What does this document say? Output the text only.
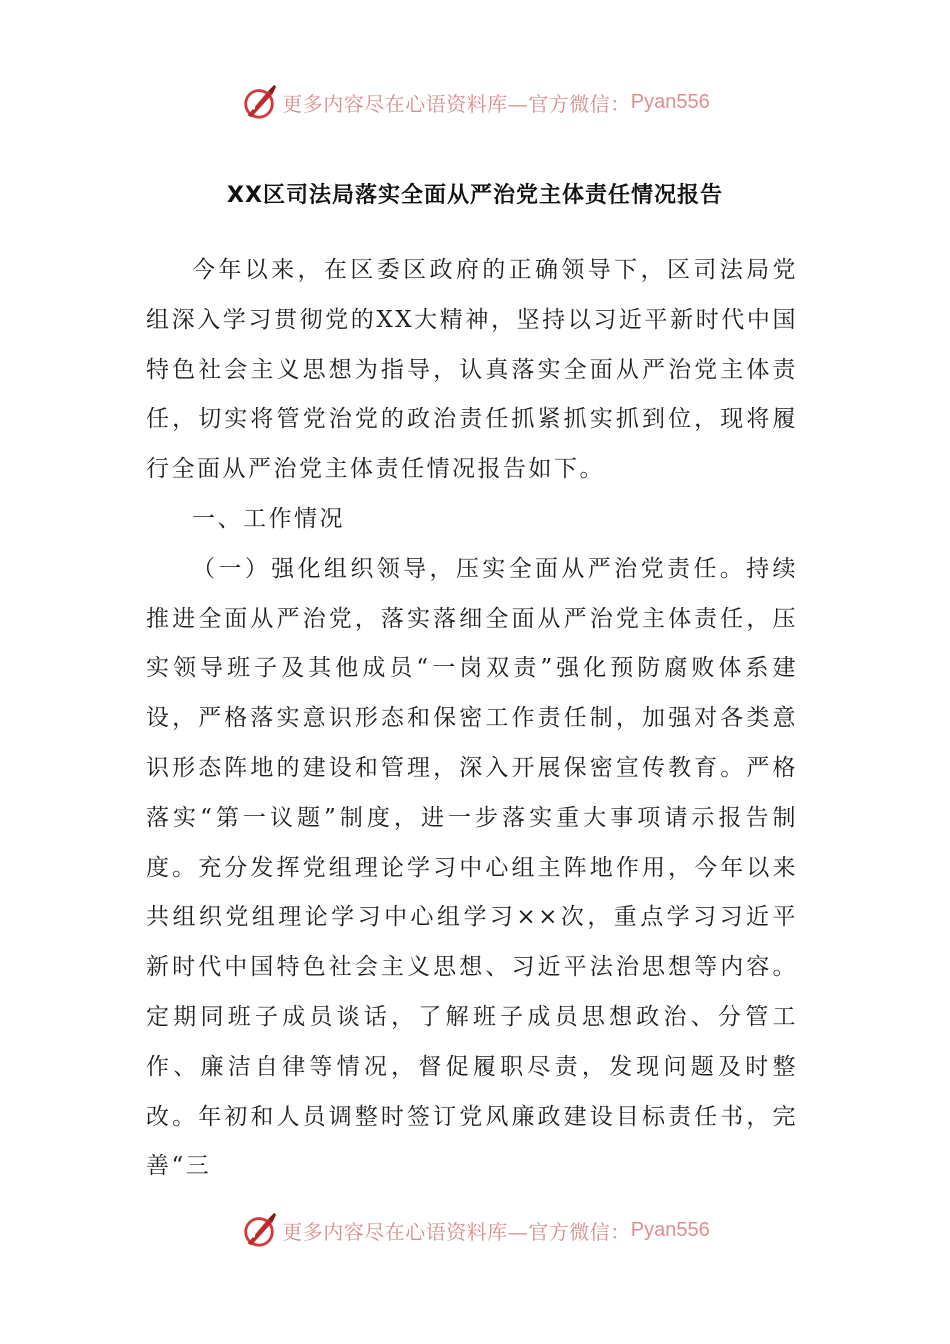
更多内容尽在心语资料库—官方微信： Pyan556
XX区司法局落实全面从严治党主体责任情况报告

今年以来，在区委区政府的正确领导下，区司法局党组深入学习贯彻党的XX大精神，坚持以习近平新时代中国特色社会主义思想为指导，认真落实全面从严治党主体责任，切实将管党治党的政治责任抓紧抓实抓到位，现将履行全面从严治党主体责任情况报告如下。

一、工作情况

（一）强化组织领导，压实全面从严治党责任。持续推进全面从严治党，落实落细全面从严治党主体责任，压实领导班子及其他成员“一岗双责”强化预防腐败体系建设，严格落实意识形态和保密工作责任制，加强对各类意识形态阵地的建设和管理，深入开展保密宣传教育。严格落实“第一议题”制度，进一步落实重大事项请示报告制度。充分发挥党组理论学习中心组主阵地作用，今年以来共组织党组理论学习中心组学习××次，重点学习习近平新时代中国特色社会主义思想、习近平法治思想等内容。定期同班子成员谈话，了解班子成员思想政治、分管工作、廉洁自律等情况，督促履职尽责，发现问题及时整改。年初和人员调整时签订党风廉政建设目标责任书，完善“三

更多内容尽在心语资料库—官方微信： Pyan556
